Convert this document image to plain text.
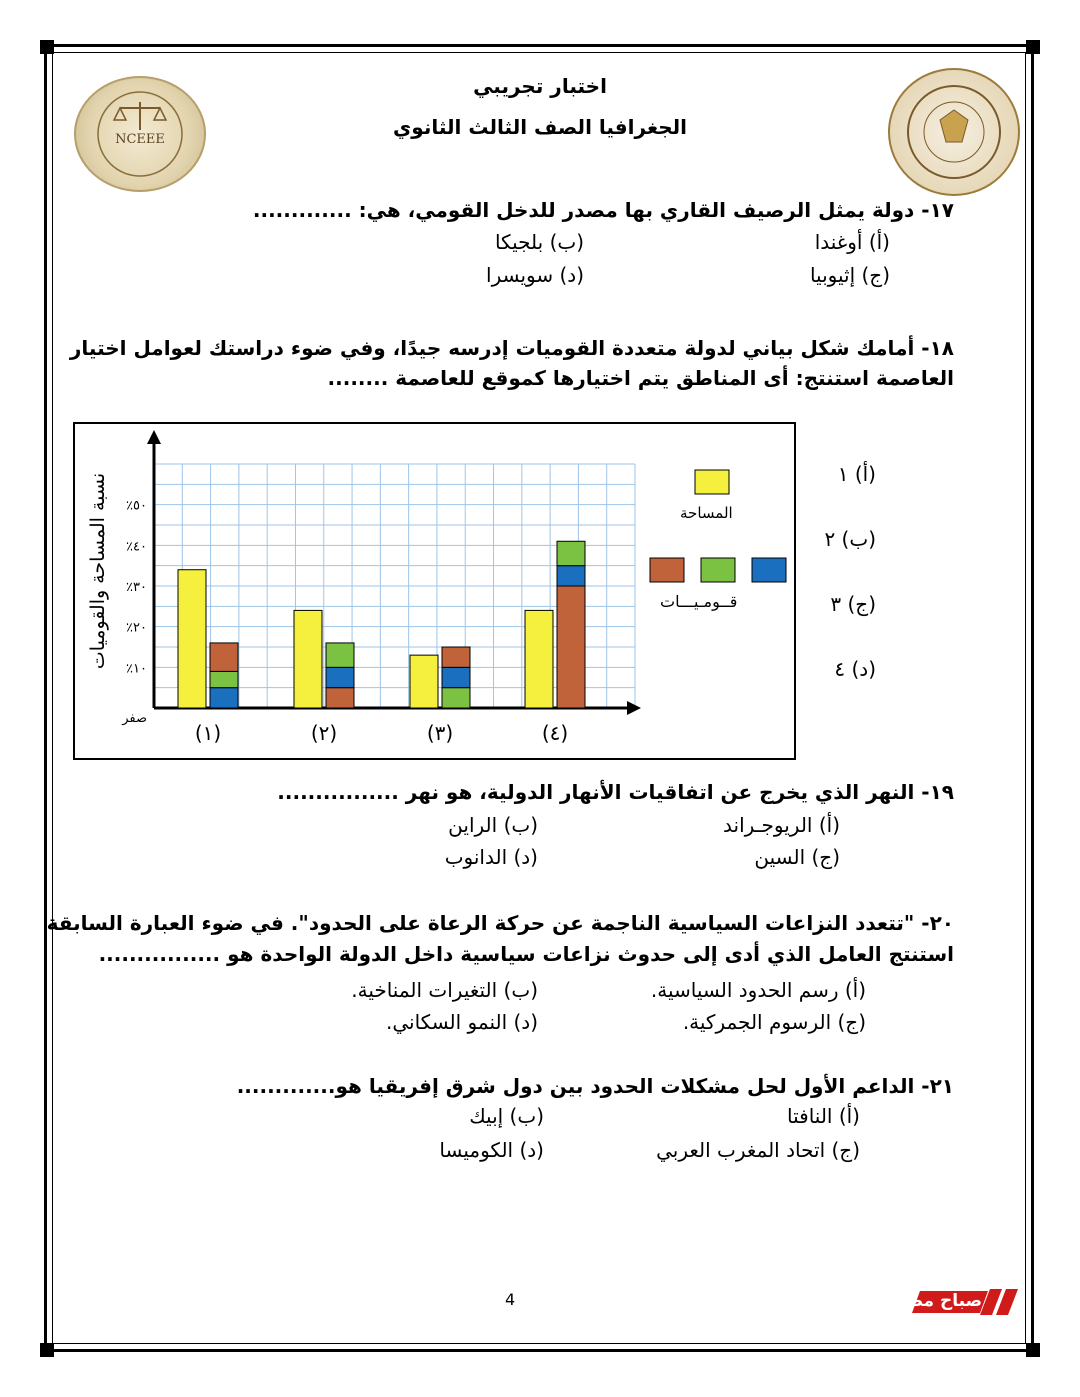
NCEEE
اختبار تجريبي
الجغرافيا الصف الثالث الثانوي
١٧- دولة يمثل الرصيف القاري بها مصدر للدخل القومي، هي: .............
(أ) أوغندا
(ب) بلجيكا
(ج) إثيوبيا
(د) سويسرا
١٨- أمامك شكل بياني لدولة متعددة القوميات إدرسه جيدًا، وفي ضوء دراستك لعوامل اختيار
العاصمة استنتج: أى المناطق يتم اختيارها كموقع للعاصمة ........
صفر
٪١٠
٪٢٠
٪٣٠
٪٤٠
٪٥٠
(١)	(٢)	(٣)	(٤)
المساحة
قــومـيـــات
نسبة المساحة والقوميات	(أ) ١
(ب) ٢
(ج) ٣
(د) ٤
١٩- النهر الذي يخرج عن اتفاقيات الأنهار الدولية، هو نهر ................
(أ) الريوجـراند
(ب) الراين
(ج) السين
(د) الدانوب
٢٠- "تتعدد النزاعات السياسية الناجمة عن حركة الرعاة على الحدود". في ضوء العبارة السابقة
استنتج العامل الذي أدى إلى حدوث نزاعات سياسية داخل الدولة الواحدة هو ................
(أ) رسم الحدود السياسية.
(ب) التغيرات المناخية.
(ج) الرسوم الجمركية.
(د) النمو السكاني.
٢١- الداعم الأول لحل مشكلات الحدود بين دول شرق إفريقيا هو.............
(أ) النافتا
(ب) إبيك
(ج) اتحاد المغرب العربي
(د) الكوميسا
4	صباح مصر
